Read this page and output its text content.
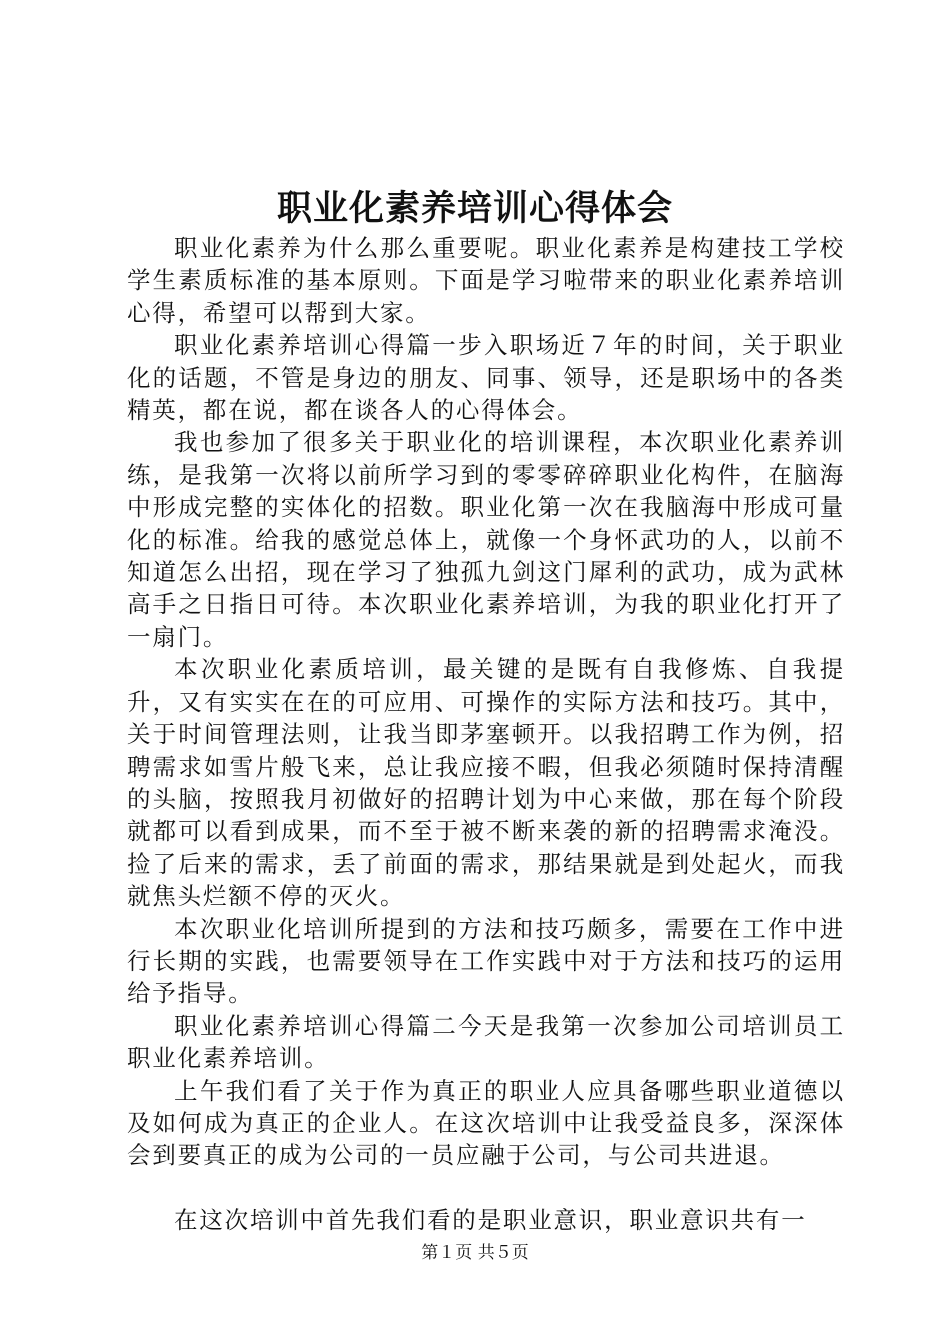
职业化素养培训心得体会

职业化素养为什么那么重要呢。职业化素养是构建技工学校学生素质标准的基本原则。下面是学习啦带来的职业化素养培训心得，希望可以帮到大家。

职业化素养培训心得篇一步入职场近７年的时间，关于职业化的话题，不管是身边的朋友、同事、领导，还是职场中的各类精英，都在说，都在谈各人的心得体会。

我也参加了很多关于职业化的培训课程，本次职业化素养训练，是我第一次将以前所学习到的零零碎碎职业化构件，在脑海中形成完整的实体化的招数。职业化第一次在我脑海中形成可量化的标准。给我的感觉总体上，就像一个身怀武功的人，以前不知道怎么出招，现在学习了独孤九剑这门犀利的武功，成为武林高手之日指日可待。本次职业化素养培训，为我的职业化打开了一扇门。

本次职业化素质培训，最关键的是既有自我修炼、自我提升，又有实实在在的可应用、可操作的实际方法和技巧。其中，关于时间管理法则，让我当即茅塞顿开。以我招聘工作为例，招聘需求如雪片般飞来，总让我应接不暇，但我必须随时保持清醒的头脑，按照我月初做好的招聘计划为中心来做，那在每个阶段就都可以看到成果，而不至于被不断来袭的新的招聘需求淹没。捡了后来的需求，丢了前面的需求，那结果就是到处起火，而我就焦头烂额不停的灭火。

本次职业化培训所提到的方法和技巧颇多，需要在工作中进行长期的实践，也需要领导在工作实践中对于方法和技巧的运用给予指导。

职业化素养培训心得篇二今天是我第一次参加公司培训员工职业化素养培训。

上午我们看了关于作为真正的职业人应具备哪些职业道德以及如何成为真正的企业人。在这次培训中让我受益良多，深深体会到要真正的成为公司的一员应融于公司，与公司共进退。

在这次培训中首先我们看的是职业意识，职业意识共有一

第１页 共５页
